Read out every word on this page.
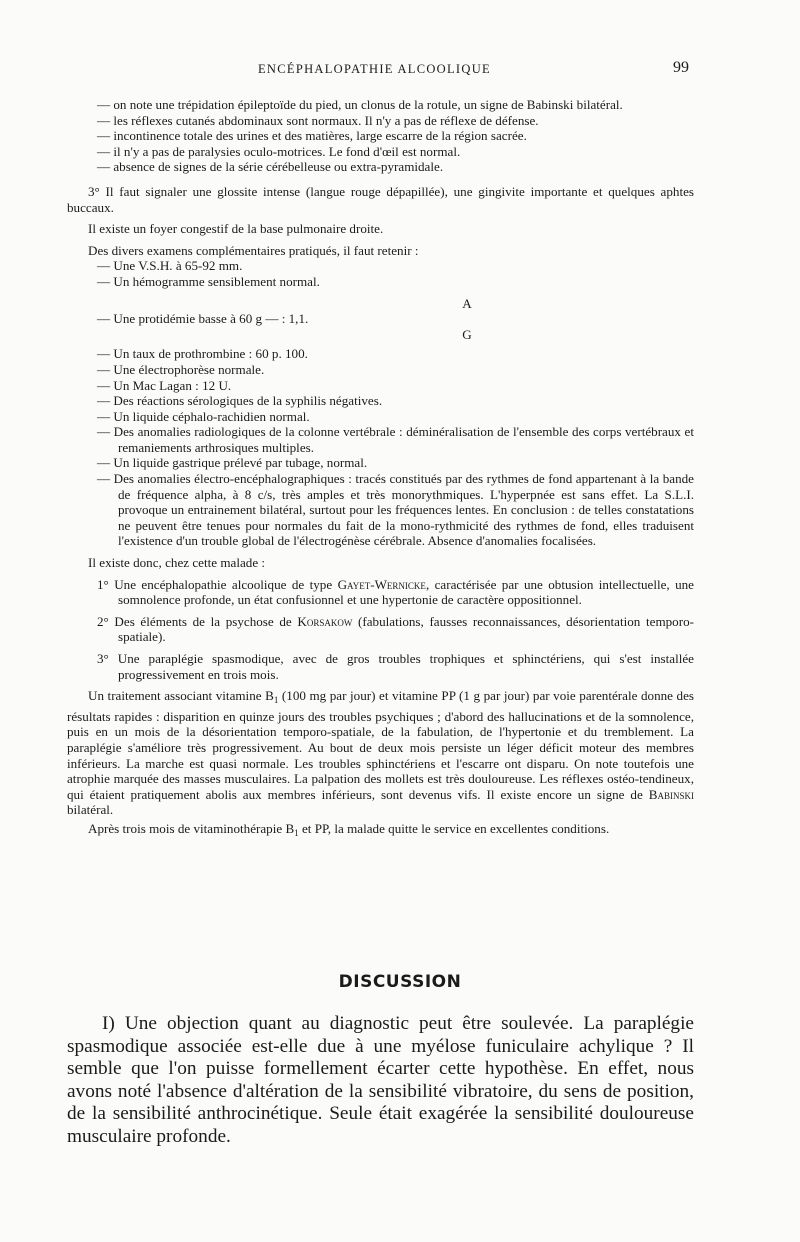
ENCÉPHALOPATHIE ALCOOLIQUE	99

— on note une trépidation épileptoïde du pied, un clonus de la rotule, un signe de Babinski bilatéral.

— les réflexes cutanés abdominaux sont normaux. Il n'y a pas de réflexe de défense.

— incontinence totale des urines et des matières, large escarre de la région sacrée.

— il n'y a pas de paralysies oculo-motrices. Le fond d'œil est normal.

— absence de signes de la série cérébelleuse ou extra-pyramidale.

3° Il faut signaler une glossite intense (langue rouge dépapillée), une gingivite importante et quelques aphtes buccaux.

Il existe un foyer congestif de la base pulmonaire droite.

Des divers examens complémentaires pratiqués, il faut retenir :

— Une V.S.H. à 65-92 mm.

— Un hémogramme sensiblement normal.

A

— Une protidémie basse à 60 g — : 1,1.

G

— Un taux de prothrombine : 60 p. 100.

— Une électrophorèse normale.

— Un Mac Lagan : 12 U.

— Des réactions sérologiques de la syphilis négatives.

— Un liquide céphalo-rachidien normal.

— Des anomalies radiologiques de la colonne vertébrale : déminéralisation de l'ensemble des corps vertébraux et remaniements arthrosiques multiples.

— Un liquide gastrique prélevé par tubage, normal.

— Des anomalies électro-encéphalographiques : tracés constitués par des rythmes de fond appartenant à la bande de fréquence alpha, à 8 c/s, très amples et très monorythmiques. L'hyperpnée est sans effet. La S.L.I. provoque un entrainement bilatéral, surtout pour les fréquences lentes. En conclusion : de telles constatations ne peuvent être tenues pour normales du fait de la mono-rythmicité des rythmes de fond, elles traduisent l'existence d'un trouble global de l'électrogénèse cérébrale. Absence d'anomalies focalisées.

Il existe donc, chez cette malade :

1° Une encéphalopathie alcoolique de type Gayet-Wernicke, caractérisée par une obtusion intellectuelle, une somnolence profonde, un état confusionnel et une hypertonie de caractère oppositionnel.

2° Des éléments de la psychose de Korsakow (fabulations, fausses reconnaissances, désorientation temporo-spatiale).

3° Une paraplégie spasmodique, avec de gros troubles trophiques et sphinctériens, qui s'est installée progressivement en trois mois.

Un traitement associant vitamine $B_1$ (100 mg par jour) et vitamine PP (1 g par jour) par voie parentérale donne des résultats rapides : disparition en quinze jours des troubles psychiques ; d'abord des hallucinations et de la somnolence, puis en un mois de la désorientation temporo-spatiale, de la fabulation, de l'hypertonie et du tremblement. La paraplégie s'améliore très progressivement. Au bout de deux mois persiste un léger déficit moteur des membres inférieurs. La marche est quasi normale. Les troubles sphinctériens et l'escarre ont disparu. On note toutefois une atrophie marquée des masses musculaires. La palpation des mollets est très douloureuse. Les réflexes ostéo-tendineux, qui étaient pratiquement abolis aux membres inférieurs, sont devenus vifs. Il existe encore un signe de Babinski bilatéral.

Après trois mois de vitaminothérapie $B_1$ et PP, la malade quitte le service en excellentes conditions.

DISCUSSION

I) Une objection quant au diagnostic peut être soulevée. La paraplégie spasmodique associée est-elle due à une myélose funiculaire achylique ? Il semble que l'on puisse formellement écarter cette hypothèse. En effet, nous avons noté l'absence d'altération de la sensibilité vibratoire, du sens de position, de la sensibilité anthrocinétique. Seule était exagérée la sensibilité douloureuse musculaire profonde.
